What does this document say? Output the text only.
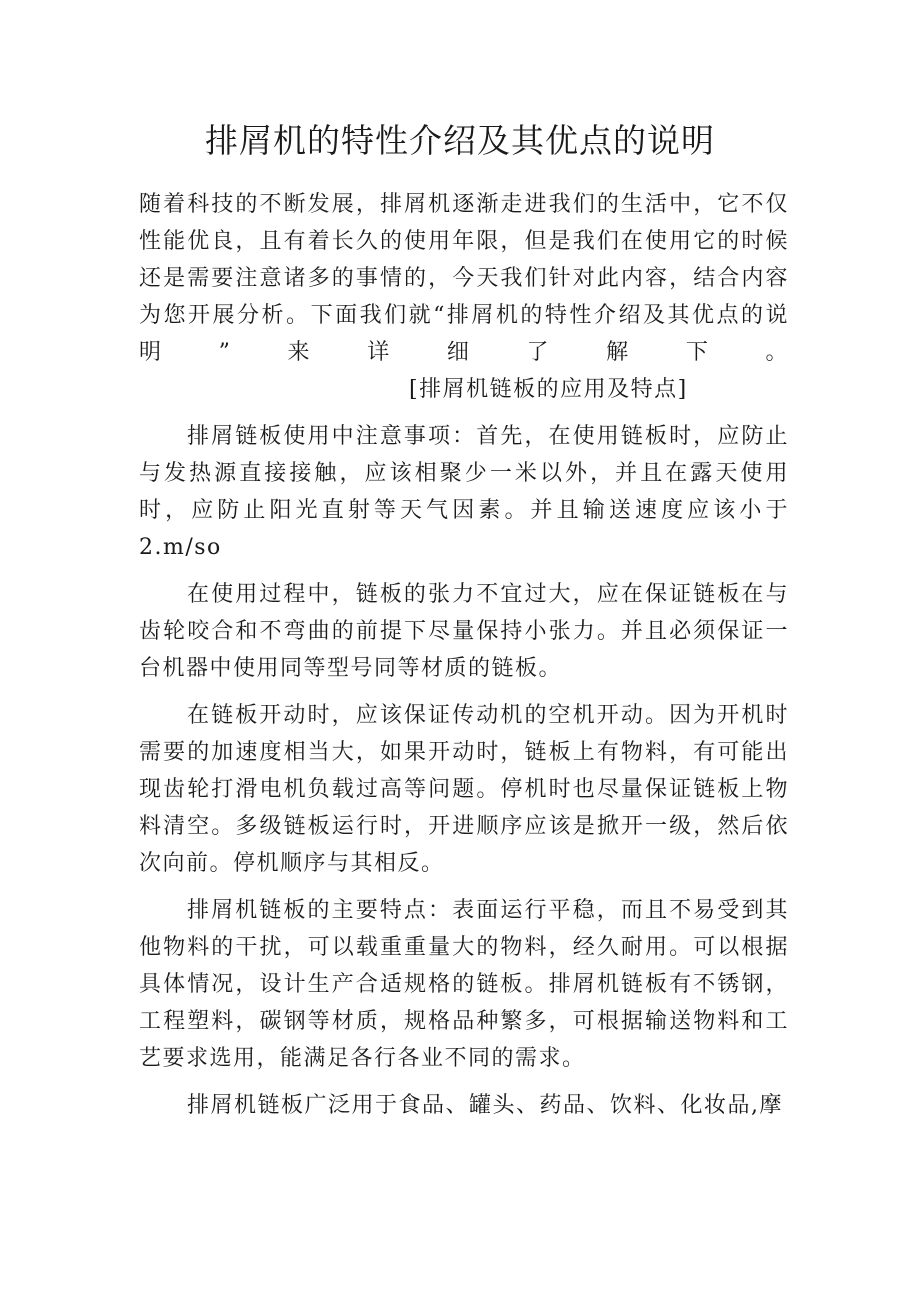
排屑机的特性介绍及其优点的说明

随着科技的不断发展，排屑机逐渐走进我们的生活中，它不仅性能优良，且有着长久的使用年限，但是我们在使用它的时候还是需要注意诸多的事情的，今天我们针对此内容，结合内容为您开展分析。下面我们就“排屑机的特性介绍及其优点的说明”来详细了解下。[排屑机链板的应用及特点]

排屑链板使用中注意事项：首先，在使用链板时，应防止与发热源直接接触，应该相聚少一米以外，并且在露天使用时，应防止阳光直射等天气因素。并且输送速度应该小于2.m/so

在使用过程中，链板的张力不宜过大，应在保证链板在与齿轮咬合和不弯曲的前提下尽量保持小张力。并且必须保证一台机器中使用同等型号同等材质的链板。

在链板开动时，应该保证传动机的空机开动。因为开机时需要的加速度相当大，如果开动时，链板上有物料，有可能出现齿轮打滑电机负载过高等问题。停机时也尽量保证链板上物料清空。多级链板运行时，开进顺序应该是掀开一级，然后依次向前。停机顺序与其相反。

排屑机链板的主要特点：表面运行平稳，而且不易受到其他物料的干扰，可以载重重量大的物料，经久耐用。可以根据具体情况，设计生产合适规格的链板。排屑机链板有不锈钢，工程塑料，碳钢等材质，规格品种繁多，可根据输送物料和工艺要求选用，能满足各行各业不同的需求。

排屑机链板广泛用于食品、罐头、药品、饮料、化妆品,摩
